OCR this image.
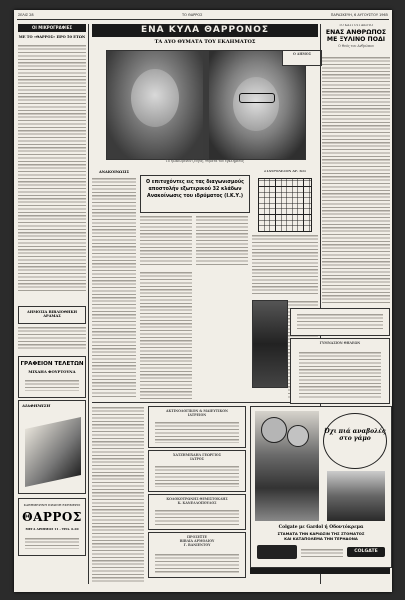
ΣΕΛΙΣ 28	ΤΟ ΘΑΡΡΟΣ	ΠΑΡΑΣΚΕΥΗ, 6 ΑΥΓΟΥΣΤΟΥ 1965
ΟΙ ΜΙΚΡΟΓΡΑΦΙΕΣ
ΜΕ ΤΟ «ΘΑΡΡΟΣ» ΠΡΟ 50 ΕΤΩΝ
ΔΗΜΟΣΙΑ ΒΙΒΛΙΟΘΗΚΗ
ΔΡΑΜΑΣ
ΓΡΑΦΕΙΟΝ ΤΕΛΕΤΩΝ
ΜΙΧΑΗΛ ΦΟΥΡΤΟΥΝΑ
ΔΙΑΦΗΜΙΣΗ
ΚΑΘΗΜΕΡΙΝΗ ΠΡΩΙΝΗ ΕΦΗΜΕΡΙΣ
ΘΑΡΡΟΣ
ΜΕΓΑ ΑΡΙΘΜΟΣ 11 - ΤΗΛ. 6.20
ΕΝΑ ΚΥΛΑ ΘΑΡΡΟΝΟΣ
ΤΑ ΔΥΟ ΘΥΜΑΤΑ ΤΟΥ ΕΚΛΗΜΑΤΟΣ
Το ηλικιωμένον ζεύγος, θύματα του εγκλήματος
Ο ΔΗΜΟΣ
ΑΝΑΚΟΙΝΩΣΙΣ
Ο επιτυχόντες εις τας διαγωνισμούς
αποστολήν εξωτερικού 32 κλάδων
Ανακοίνωσις του ιδρύματος (Ι.Κ.Υ.)
ΣΤΑΥΡΟΛΕΞΟΝ ΑΡ. 831
ΑΚΤΙΝΟΛΟΓΙΚΟΝ & ΜΑΙΕΥΤΙΚΟΝ
ΙΑΤΡΕΙΟΝ
ΧΑΤΖΗΜΙΧΑΗΛ ΓΕΩΡΓΙΟΣ
ΙΑΤΡΟΣ
ΚΟΛΟΚΟΤΡΩΝΗΣ ΘΕΜΙΣΤΟΚΛΗΣ
Κ. ΚΑΝΕΛΛΟΠΟΥΛΟΣ
ΠΡΟΣΕΞΤΕ
ΒΙΒΛΙΑ ΑΡΜΟΔΙΟΥ
Γ. ΒΑΝΙΕΝΤΟΥ
ΤΟ ΚΑΤΙ ΟΤΙ ΑΚΟΥΩ
ΕΝΑΣ ΑΝΘΡΩΠΟΣ
ΜΕ ΞΥΛΙΝΟ ΠΟΔΙ
Ο Θεός του Ανθρώπου
ΓΥΜΝΑΣΙΟΝ ΘΗΛΕΩΝ
Όχι πιά αναβολές
στο γάμο
Colgate με Gardol ή Οδοντόκρεμα
ΣΤΑΜΑΤΑ ΤΗΝ ΚΑΡΙΩΣΙΝ ΤΗΣ ΣΤΟΜΑΤΟΣ
ΚΑΙ ΚΑΤΑΠΟΛΕΜΑ ΤΗΝ ΤΕΡΗΔΟΝΑ
COLGATE
